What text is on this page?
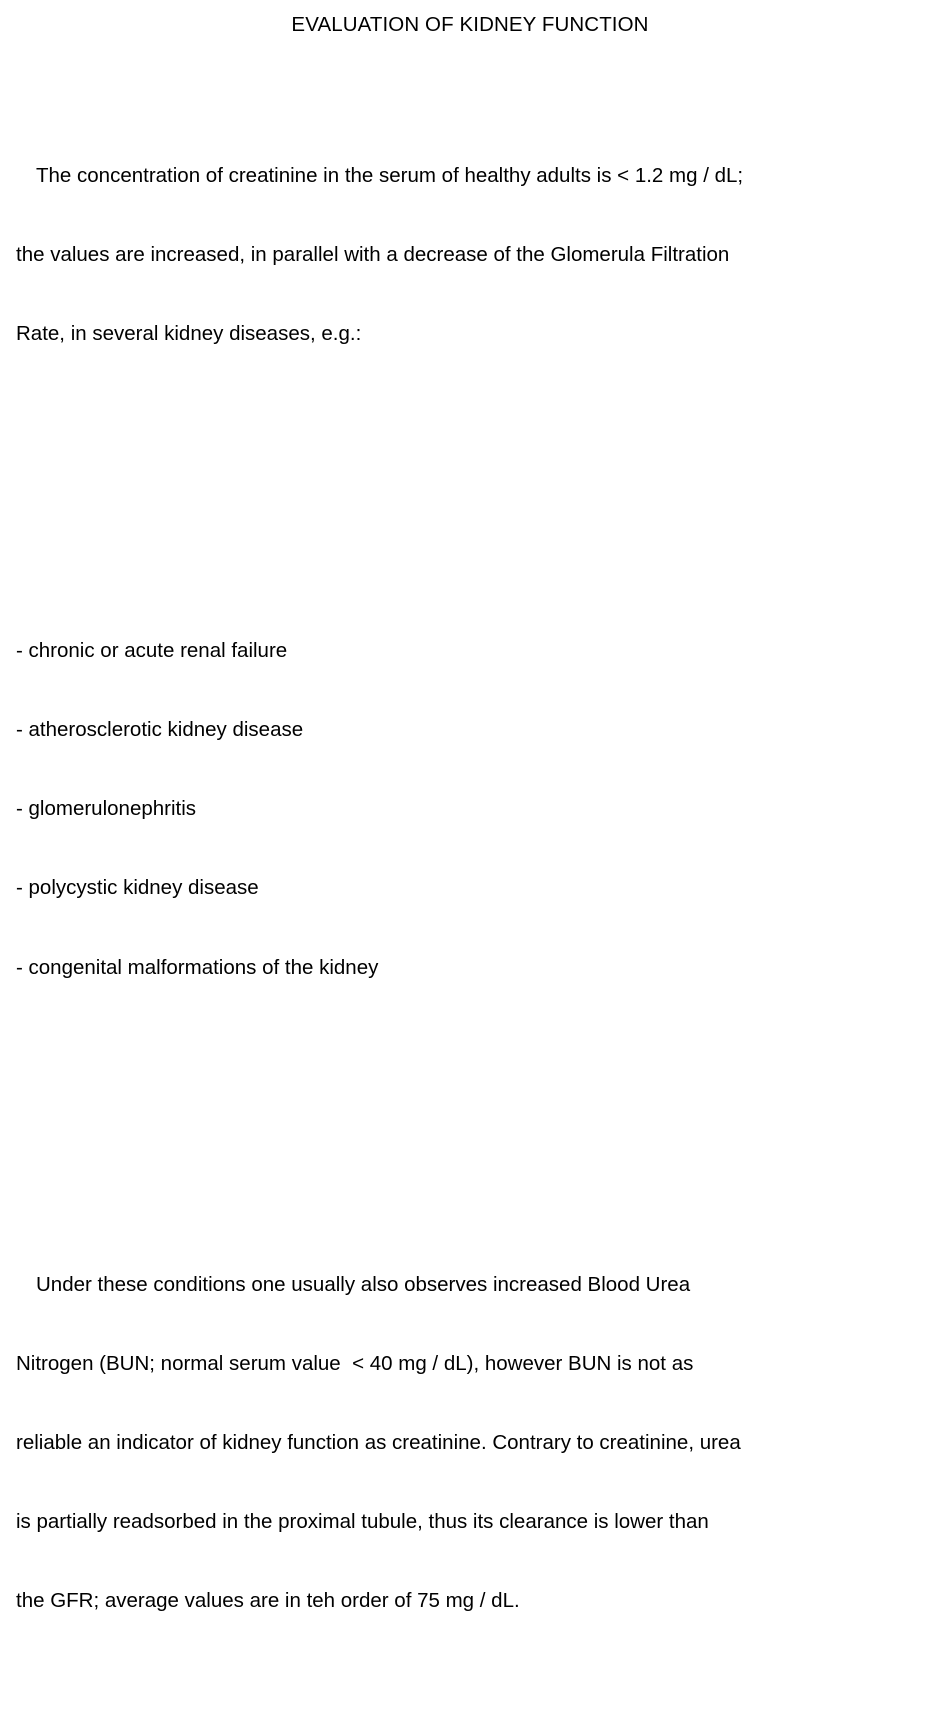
EVALUATION OF KIDNEY FUNCTION

The concentration of creatinine in the serum of healthy adults is < 1.2 mg / dL;

the values are increased, in parallel with a decrease of the Glomerula Filtration

Rate, in several kidney diseases, e.g.:

- chronic or acute renal failure

- atherosclerotic kidney disease

- glomerulonephritis

- polycystic kidney disease

- congenital malformations of the kidney

Under these conditions one usually also observes increased Blood Urea

Nitrogen (BUN; normal serum value  < 40 mg / dL), however BUN is not as

reliable an indicator of kidney function as creatinine. Contrary to creatinine, urea

is partially readsorbed in the proximal tubule, thus its clearance is lower than

the GFR; average values are in teh order of 75 mg / dL.
